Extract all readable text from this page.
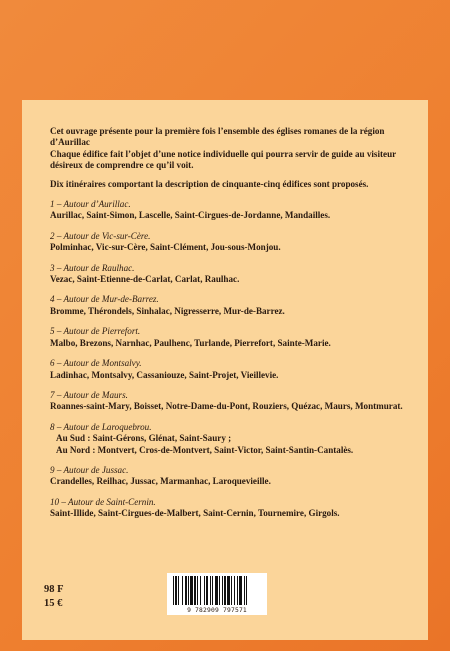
Cet ouvrage présente pour la première fois l’ensemble des églises romanes de la région d’Aurillac

Chaque édifice fait l’objet d’une notice individuelle qui pourra servir de guide au visiteur désireux de comprendre ce qu’il voit.

Dix itinéraires comportant la description de cinquante-cinq édifices sont proposés.

1 – Autour d’Aurillac.
Aurillac, Saint-Simon, Lascelle, Saint-Cirgues-de-Jordanne, Mandailles.
2 – Autour de Vic-sur-Cère.
Polminhac, Vic-sur-Cère, Saint-Clément, Jou-sous-Monjou.
3 – Autour de Raulhac.
Vezac, Saint-Etienne-de-Carlat, Carlat, Raulhac.
4 – Autour de Mur-de-Barrez.
Bromme, Thérondels, Sinhalac, Nigresserre, Mur-de-Barrez.
5 – Autour de Pierrefort.
Malbo, Brezons, Narnhac, Paulhenc, Turlande, Pierrefort, Sainte-Marie.
6 – Autour de Montsalvy.
Ladinhac, Montsalvy, Cassaniouze, Saint-Projet, Vieillevie.
7 – Autour de Maurs.
Roannes-saint-Mary, Boisset, Notre-Dame-du-Pont, Rouziers, Quézac, Maurs, Montmurat.
8 – Autour de Laroquebrou.
Au Sud : Saint-Gérons, Glénat, Saint-Saury ;
Au Nord : Montvert, Cros-de-Montvert, Saint-Victor, Saint-Santin-Cantalès.
9 – Autour de Jussac.
Crandelles, Reilhac, Jussac, Marmanhac, Laroquevieille.
10 – Autour de Saint-Cernin.
Saint-Illide, Saint-Cirgues-de-Malbert, Saint-Cernin, Tournemire, Girgols.
98 F
15 €
9 782909 797571
